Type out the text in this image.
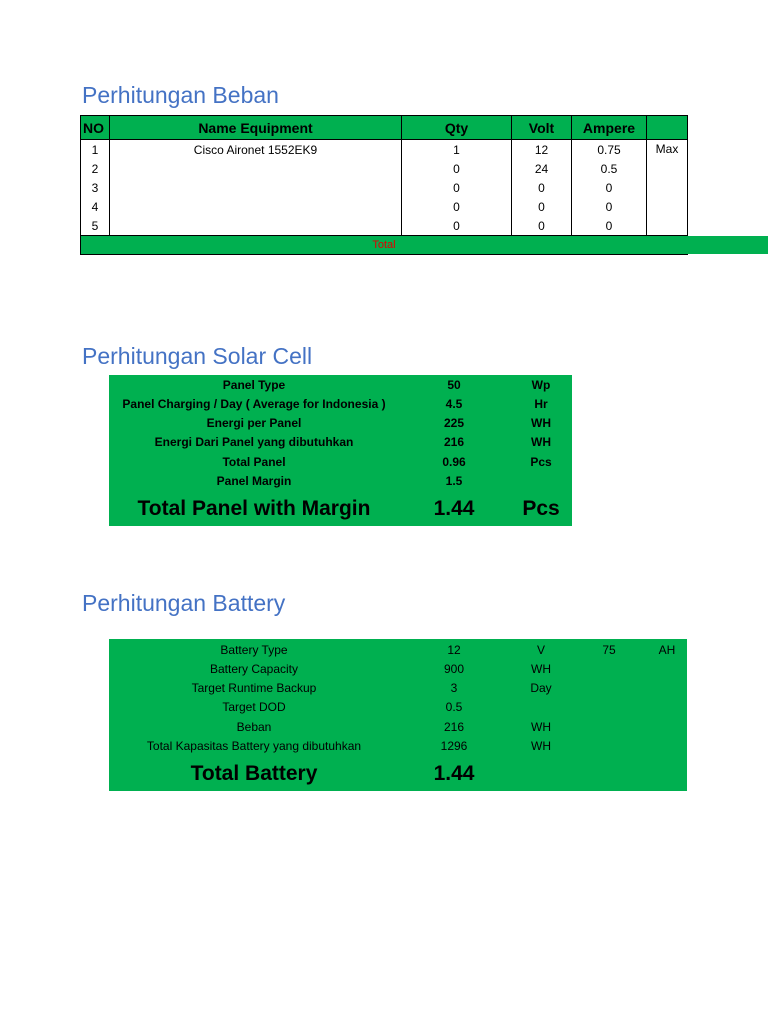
Perhitungan Beban
NO	Name Equipment	Qty	Volt	Ampere	
1	Cisco Aironet 1552EK9	1	12	0.75	Max
2		0	24	0.5	
3		0	0	0	
4		0	0	0	
5		0	0	0	
Total					
Perhitungan Solar Cell
Panel Type	50	Wp
Panel Charging / Day ( Average for Indonesia )	4.5	Hr
Energi per Panel	225	WH
Energi Dari Panel yang dibutuhkan	216	WH
Total Panel	0.96	Pcs
Panel Margin	1.5
Total Panel with Margin	1.44	Pcs
Perhitungan Battery
Battery Type	12	V	75	AH
Battery Capacity	900	WH
Target Runtime Backup	3	Day
Target DOD	0.5
Beban	216	WH
Total Kapasitas Battery yang dibutuhkan	1296	WH
Total Battery	1.44
